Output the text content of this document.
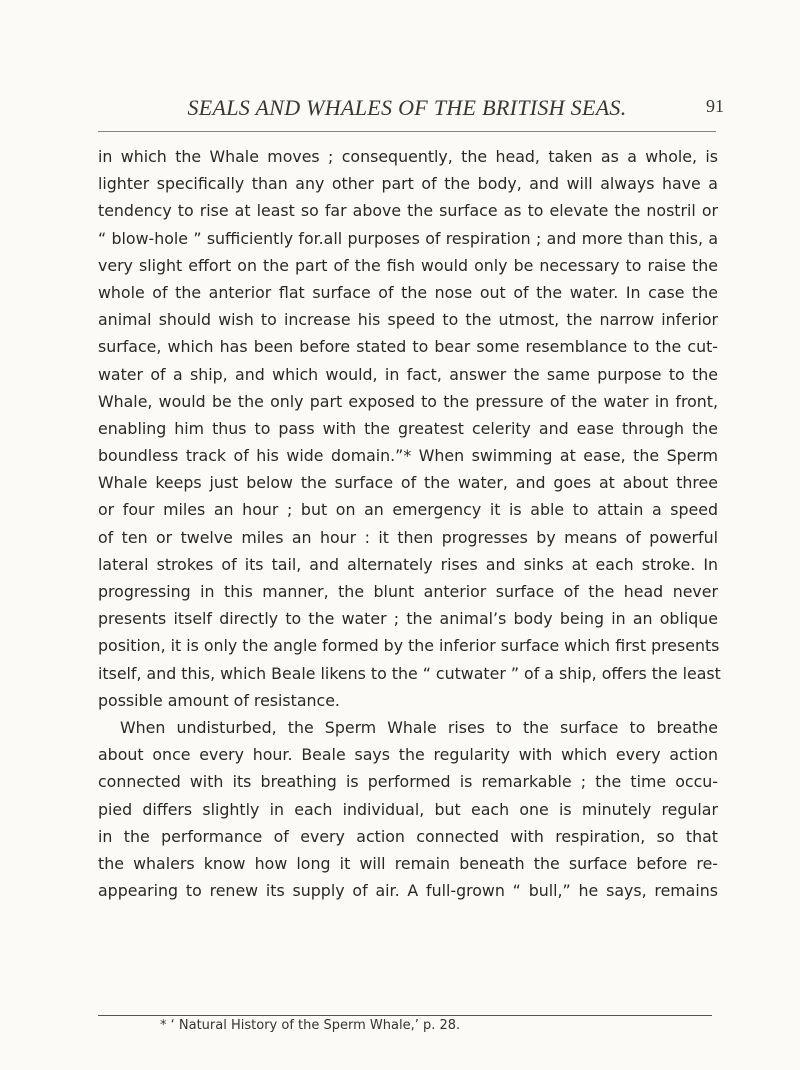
SEALS AND WHALES OF THE BRITISH SEAS.	91
in which the Whale moves ; consequently, the head, taken as a whole, is
lighter specifically than any other part of the body, and will always have a
tendency to rise at least so far above the surface as to elevate the nostril or
“ blow-hole ” sufficiently for.all purposes of respiration ; and more than this, a
very slight effort on the part of the fish would only be necessary to raise the
whole of the anterior flat surface of the nose out of the water. In case the
animal should wish to increase his speed to the utmost, the narrow inferior
surface, which has been before stated to bear some resemblance to the cut-
water of a ship, and which would, in fact, answer the same purpose to the
Whale, would be the only part exposed to the pressure of the water in front,
enabling him thus to pass with the greatest celerity and ease through the
boundless track of his wide domain.”* When swimming at ease, the Sperm
Whale keeps just below the surface of the water, and goes at about three
or four miles an hour ; but on an emergency it is able to attain a speed
of ten or twelve miles an hour : it then progresses by means of powerful
lateral strokes of its tail, and alternately rises and sinks at each stroke. In
progressing in this manner, the blunt anterior surface of the head never
presents itself directly to the water ; the animal’s body being in an oblique
position, it is only the angle formed by the inferior surface which first presents
itself, and this, which Beale likens to the “ cutwater ” of a ship, offers the least
possible amount of resistance.
When undisturbed, the Sperm Whale rises to the surface to breathe
about once every hour. Beale says the regularity with which every action
connected with its breathing is performed is remarkable ; the time occu-
pied differs slightly in each individual, but each one is minutely regular
in the performance of every action connected with respiration, so that
the whalers know how long it will remain beneath the surface before re-
appearing to renew its supply of air. A full-grown “ bull,” he says, remains
* ‘ Natural History of the Sperm Whale,’ p. 28.
